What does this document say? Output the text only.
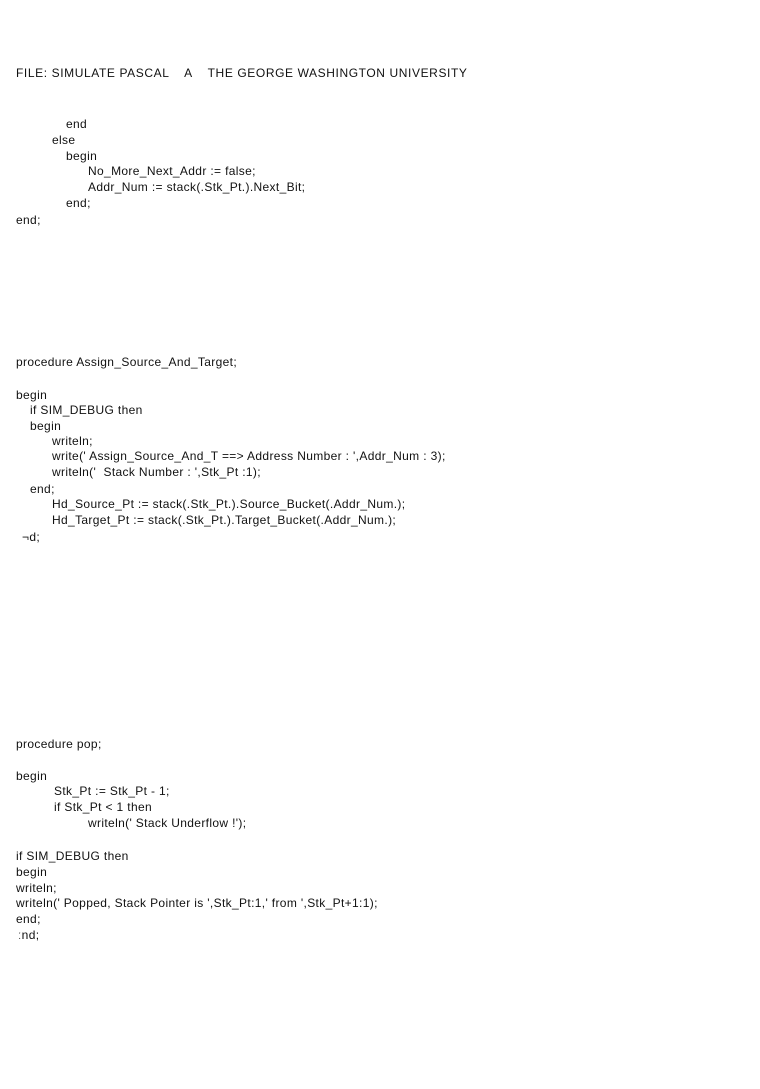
FILE: SIMULATE PASCAL    A    THE GEORGE WASHINGTON UNIVERSITY
end
else
begin
No_More_Next_Addr := false;
Addr_Num := stack(.Stk_Pt.).Next_Bit;
end;
end;
procedure Assign_Source_And_Target;
begin
if SIM_DEBUG then
begin
writeln;
write(' Assign_Source_And_T ==> Address Number : ',Addr_Num : 3);
writeln('  Stack Number : ',Stk_Pt :1);
end;
Hd_Source_Pt := stack(.Stk_Pt.).Source_Bucket(.Addr_Num.);
Hd_Target_Pt := stack(.Stk_Pt.).Target_Bucket(.Addr_Num.);
¬d;
procedure pop;
begin
Stk_Pt := Stk_Pt - 1;
if Stk_Pt < 1 then
writeln(' Stack Underflow !');
if SIM_DEBUG then
begin
writeln;
writeln(' Popped, Stack Pointer is ',Stk_Pt:1,' from ',Stk_Pt+1:1);
end;
ːnd;
